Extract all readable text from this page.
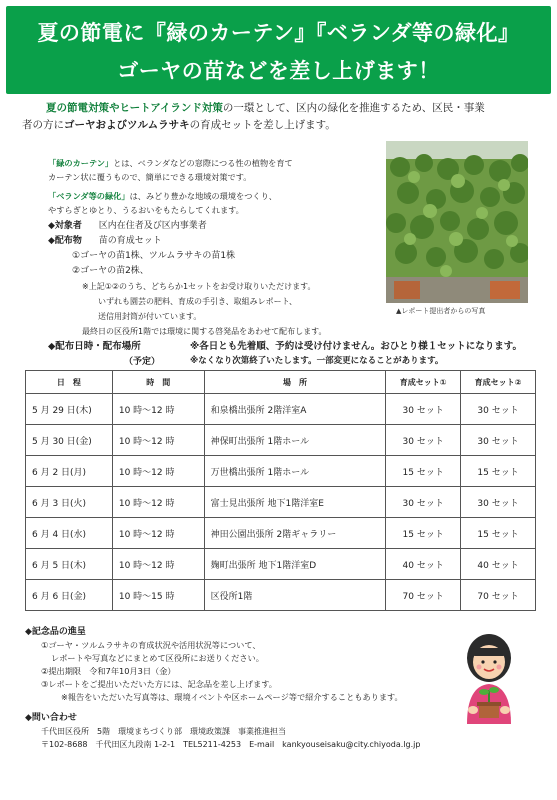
夏の節電に『緑のカーテン』『ベランダ等の緑化』
ゴーヤの苗などを差し上げます！
夏の節電対策やヒートアイランド対策の一環として、区内の緑化を推進するため、区民・事業
者の方にゴーヤおよびツルムラサキの育成セットを差し上げます。

「緑のカーテン」とは、ベランダなどの窓際につる性の植物を育て
カーテン状に覆うもので、簡単にできる環境対策です。

「ベランダ等の緑化」は、みどり豊かな地域の環境をつくり、
やすらぎとゆとり、うるおいをもたらしてくれます。

◆対象者 区内在住者及び区内事業者
◆配布物 苗の育成セット
①ゴーヤの苗1株、ツルムラサキの苗1株
②ゴーヤの苗2株、
※上記①②のうち、どちらか1セットをお受け取りいただけます。
いずれも園芸の肥料、育成の手引き、取組みレポート、
送信用封筒が付いています。
最終日の区役所1階では環境に関する啓発品をあわせて配布します。
▲レポート提出者からの写真
◆配布日時・配布場所	※各日とも先着順、予約は受け付けません。おひとり様１セットになります。
（予定）	※なくなり次第終了いたします。一部変更になることがあります。
日　程	時　間	場　所	育成セット①	育成セット②
5 月 29 日(木)	10 時～12 時	和泉橋出張所 2階洋室A	30 セット	30 セット
5 月 30 日(金)	10 時～12 時	神保町出張所 1階ホール	30 セット	30 セット
6 月 2 日(月)	10 時～12 時	万世橋出張所 1階ホール	15 セット	15 セット
6 月 3 日(火)	10 時～12 時	富士見出張所 地下1階洋室E	30 セット	30 セット
6 月 4 日(水)	10 時～12 時	神田公園出張所 2階ギャラリー	15 セット	15 セット
6 月 5 日(木)	10 時～12 時	麹町出張所 地下1階洋室D	40 セット	40 セット
6 月 6 日(金)	10 時～15 時	区役所1階	70 セット	70 セット
◆記念品の進呈
①ゴーヤ・ツルムラサキの育成状況や活用状況等について、
レポートや写真などにまとめて区役所にお送りください。
②提出期限　令和7年10月3日（金）
③レポートをご提出いただいた方には、記念品を差し上げます。
※報告をいただいた写真等は、環境イベントや区ホームページ等で紹介することもあります。
◆問い合わせ
千代田区役所　5階　環境まちづくり部　環境政策課　事業推進担当
〒102-8688　千代田区九段南 1-2-1　TEL5211-4253　E-mail　kankyouseisaku@city.chiyoda.lg.jp
